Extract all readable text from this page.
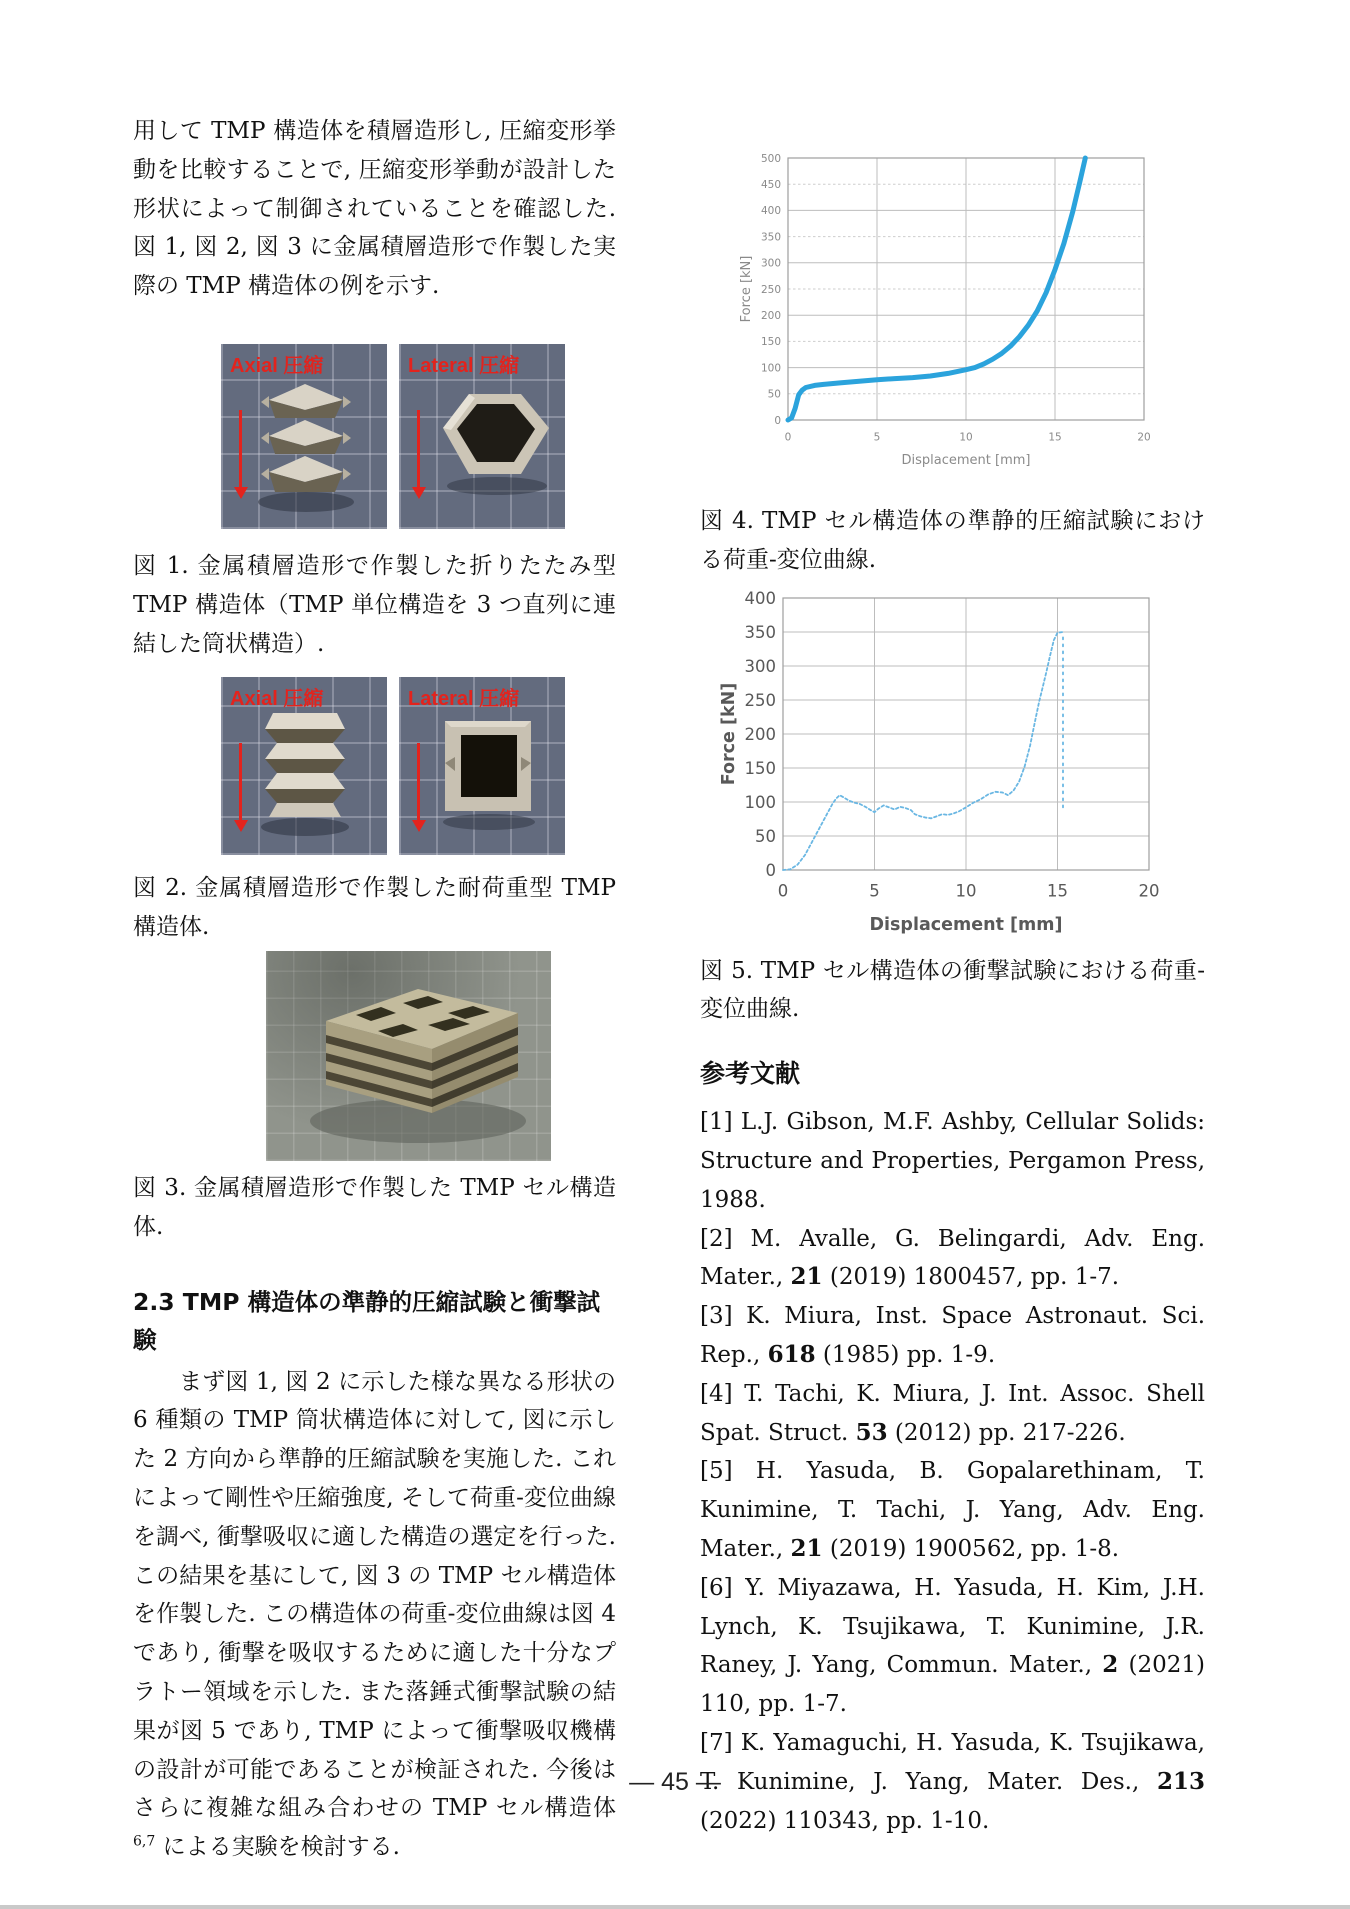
用して TMP 構造体を積層造形し, 圧縮変形挙動を比較することで, 圧縮変形挙動が設計した形状によって制御されていることを確認した. 図 1, 図 2, 図 3 に金属積層造形で作製した実際の TMP 構造体の例を示す.

Axial 圧縮	Lateral 圧縮

図 1. 金属積層造形で作製した折りたたみ型 TMP 構造体（TMP 単位構造を 3 つ直列に連結した筒状構造）.

Axial 圧縮	Lateral 圧縮

図 2. 金属積層造形で作製した耐荷重型 TMP 構造体.

図 3. 金属積層造形で作製した TMP セル構造体.

2.3 TMP 構造体の準静的圧縮試験と衝撃試験

まず図 1, 図 2 に示した様な異なる形状の 6 種類の TMP 筒状構造体に対して, 図に示した 2 方向から準静的圧縮試験を実施した. これによって剛性や圧縮強度, そして荷重-変位曲線を調べ, 衝撃吸収に適した構造の選定を行った. この結果を基にして, 図 3 の TMP セル構造体を作製した. この構造体の荷重-変位曲線は図 4 であり, 衝撃を吸収するために適した十分なプラトー領域を示した. また落錘式衝撃試験の結果が図 5 であり, TMP によって衝撃吸収機構の設計が可能であることが検証された. 今後はさらに複雑な組み合わせの TMP セル構造体 $^{6,7}$ による実験を検討する.

0
50
100
150
200
250
300
350
400
450
500
0	5	10	15	20
Displacement [mm]
Force [kN]

図 4. TMP セル構造体の準静的圧縮試験における荷重-変位曲線.

0
50
100
150
200
250
300
350
400
0	5	10	15	20
Displacement [mm]
Force [kN]

図 5. TMP セル構造体の衝撃試験における荷重-変位曲線.

参考文献

[1] L.J. Gibson, M.F. Ashby, Cellular Solids: Structure and Properties, Pergamon Press, 1988.

[2] M. Avalle, G. Belingardi, Adv. Eng. Mater., 21 (2019) 1800457, pp. 1-7.

[3] K. Miura, Inst. Space Astronaut. Sci. Rep., 618 (1985) pp. 1-9.

[4] T. Tachi, K. Miura, J. Int. Assoc. Shell Spat. Struct. 53 (2012) pp. 217-226.

[5] H. Yasuda, B. Gopalarethinam, T. Kunimine, T. Tachi, J. Yang, Adv. Eng. Mater., 21 (2019) 1900562, pp. 1-8.

[6] Y. Miyazawa, H. Yasuda, H. Kim, J.H. Lynch, K. Tsujikawa, T. Kunimine, J.R. Raney, J. Yang, Commun. Mater., 2 (2021) 110, pp. 1-7.

[7] K. Yamaguchi, H. Yasuda, K. Tsujikawa, T. Kunimine, J. Yang, Mater. Des., 213 (2022) 110343, pp. 1-10.

— 45 —
